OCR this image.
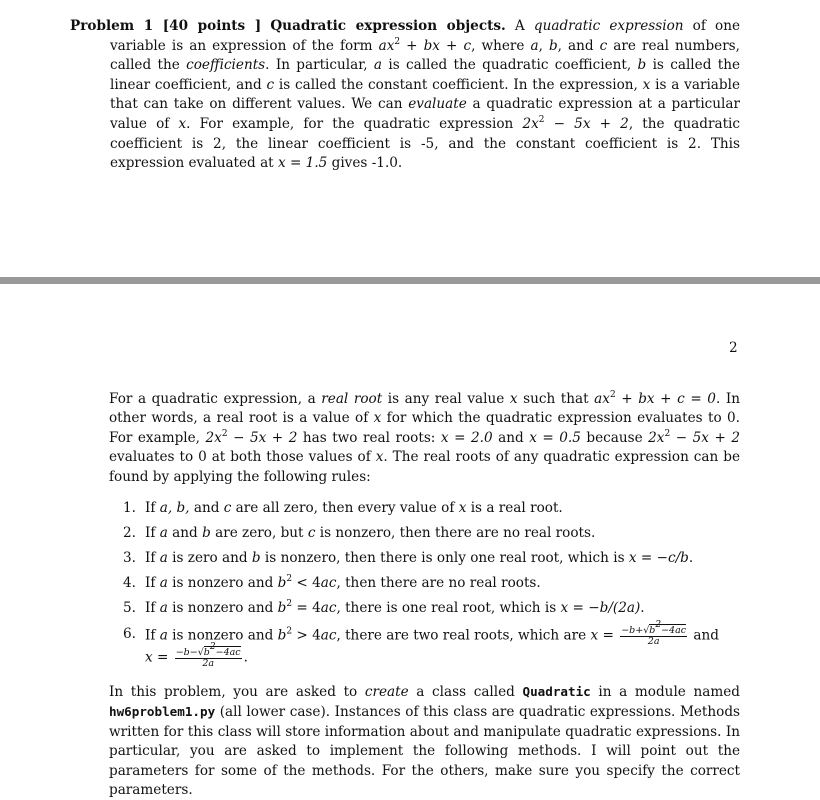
Problem 1 [40 points ] Quadratic expression objects. A quadratic expression of one variable is an expression of the form $ax^2$ + bx + c, where a, b, and c are real numbers, called the coefficients. In particular, a is called the quadratic coefficient, b is called the linear coefficient, and c is called the constant coefficient. In the expression, x is a variable that can take on different values. We can evaluate a quadratic expression at a particular value of x. For example, for the quadratic expression $2x^2 - 5x + 2$, the quadratic coefficient is 2, the linear coefficient is -5, and the constant coefficient is 2. This expression evaluated at x = 1.5 gives -1.0.
2
For a quadratic expression, a real root is any real value x such that $ax^2$ + bx + c = 0. In other words, a real root is a value of x for which the quadratic expression evaluates to 0. For example, $2x^2 - 5x + 2$ has two real roots: x = 2.0 and x = 0.5 because $2x^2 - 5x + 2$ evaluates to 0 at both those values of x. The real roots of any quadratic expression can be found by applying the following rules:
1. If a, b, and c are all zero, then every value of x is a real root.
2. If a and b are zero, but c is nonzero, then there are no real roots.
3. If a is zero and b is nonzero, then there is only one real root, which is x = −c/b.
4. If a is nonzero and $b^2 < 4ac$, then there are no real roots.
5. If a is nonzero and $b^2 = 4ac$, there is one real root, which is x = −b/(2a).
6. If a is nonzero and $b^2 > 4ac$, there are two real roots, which are $x = \frac{-b+√b^2-4ac}{2a}$ and
$x = \frac{-b-√b^2-4ac}{2a}$ .
In this problem, you are asked to create a class called Quadratic in a module named hw6problem1.py (all lower case). Instances of this class are quadratic expressions. Methods written for this class will store information about and manipulate quadratic expressions. In particular, you are asked to implement the following methods. I will point out the parameters for some of the methods. For the others, make sure you specify the correct parameters.
